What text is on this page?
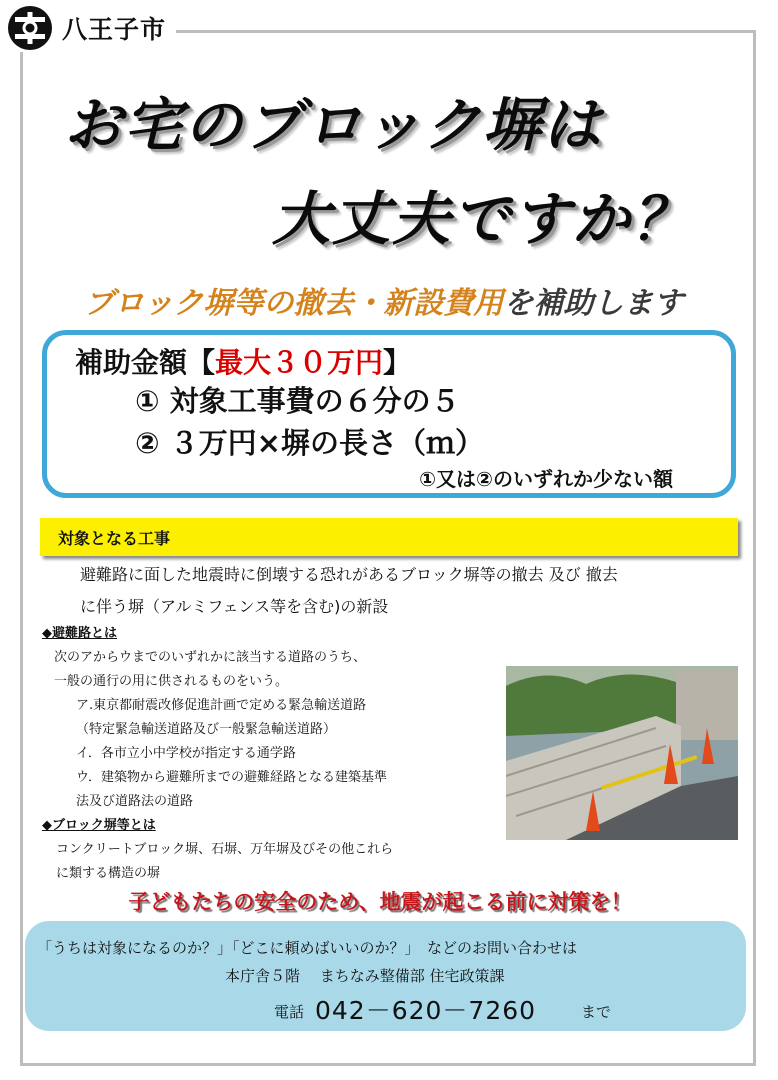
八王子市
お宅のブロック塀は
大丈夫ですか？
ブロック塀等の撤去・新設費用を補助します
補助金額【最大３０万円】
① 対象工事費の６分の５
② ３万円×塀の長さ（ｍ）
①又は②のいずれか少ない額
対象となる工事
避難路に面した地震時に倒壊する恐れがあるブロック塀等の撤去 及び 撤去
に伴う塀（アルミフェンス等を含む)の新設
◆避難路とは
次のアからウまでのいずれかに該当する道路のうち、
一般の通行の用に供されるものをいう。
ア.東京都耐震改修促進計画で定める緊急輸送道路
（特定緊急輸送道路及び一般緊急輸送道路）
イ．各市立小中学校が指定する通学路
ウ．建築物から避難所までの避難経路となる建築基準
法及び道路法の道路
◆ブロック塀等とは
コンクリートブロック塀、石塀、万年塀及びその他これら
に類する構造の塀
子どもたちの安全のため、地震が起こる前に対策を！
「うちは対象になるのか？」「どこに頼めばいいのか？」　などのお問い合わせは
本庁舎５階　 まちなみ整備部 住宅政策課
電話 042－620－7260	まで
